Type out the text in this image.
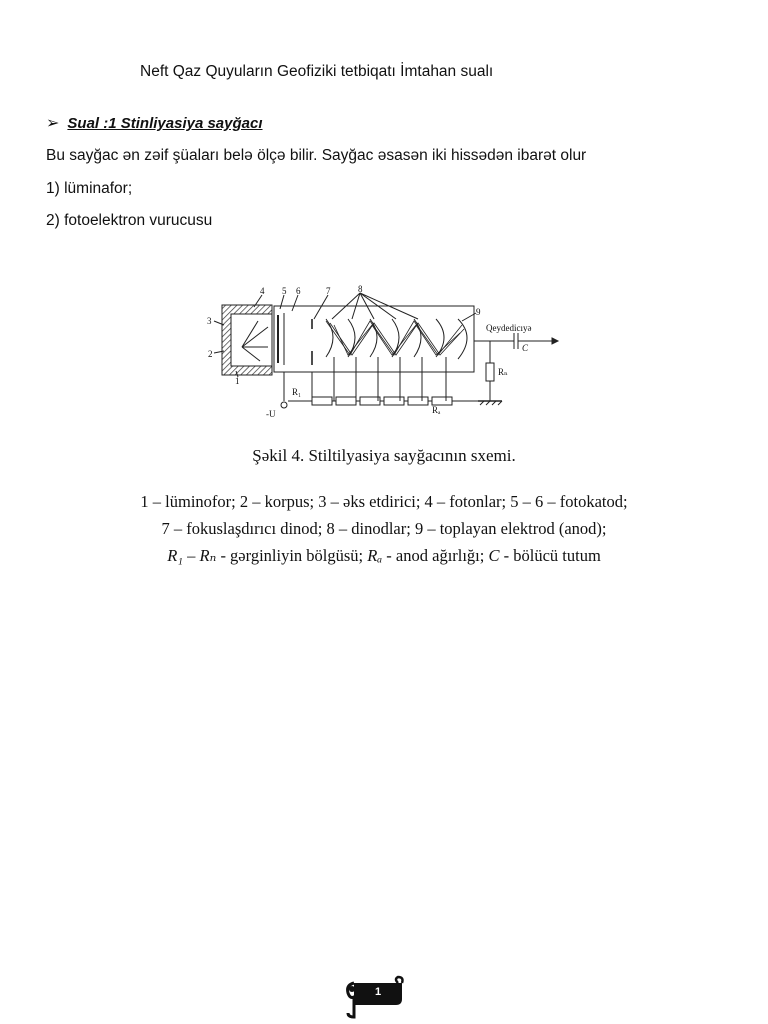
Neft Qaz Quyuların Geofiziki tetbiqatı İmtahan sualı
➢ Sual :1 Stinliyasiya sayğacı
Bu sayğac ən zəif şüaları belə ölçə bilir. Sayğac əsasən iki hissədən ibarət olur
1) lüminafor;
2) fotoelektron vurucusu
4 5 6	7	8
9
3
2
1
Qeydedicıyə
C
Rₙ
R₁
Rₐ
-U
Şəkil 4. Stiltilyasiya sayğacının sxemi.
1 – lüminofor; 2 – korpus; 3 – əks etdirici; 4 – fotonlar; 5 – 6 – fotokatod;
7 – fokuslaşdırıcı dinod; 8 – dinodlar; 9 – toplayan elektrod (anod);
R₁ – Rₙ - gərginliyin bölgüsü; Rₐ - anod ağırlığı; C - bölücü tutum
1
